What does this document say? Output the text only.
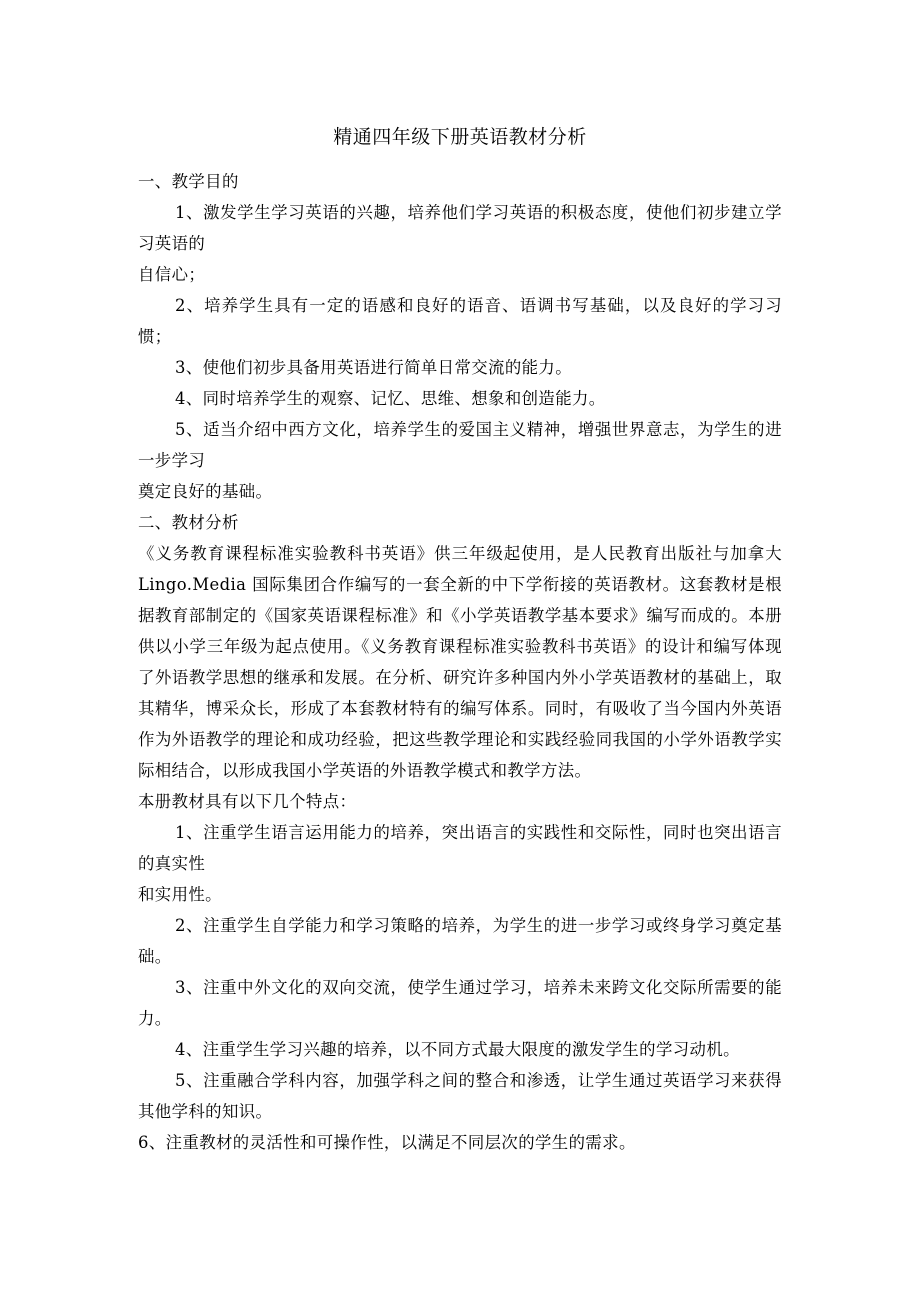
精通四年级下册英语教材分析

一、教学目的

1、激发学生学习英语的兴趣，培养他们学习英语的积极态度，使他们初步建立学习英语的

自信心；

2、培养学生具有一定的语感和良好的语音、语调书写基础，以及良好的学习习惯；

3、使他们初步具备用英语进行简单日常交流的能力。

4、同时培养学生的观察、记忆、思维、想象和创造能力。

5、适当介绍中西方文化，培养学生的爱国主义精神，增强世界意志，为学生的进一步学习

奠定良好的基础。

二、教材分析

《义务教育课程标准实验教科书英语》供三年级起使用，是人民教育出版社与加拿大 Lingo.Media 国际集团合作编写的一套全新的中下学衔接的英语教材。这套教材是根据教育部制定的《国家英语课程标准》和《小学英语教学基本要求》编写而成的。本册供以小学三年级为起点使用。《义务教育课程标准实验教科书英语》的设计和编写体现了外语教学思想的继承和发展。在分析、研究许多种国内外小学英语教材的基础上，取其精华，博采众长，形成了本套教材特有的编写体系。同时，有吸收了当今国内外英语作为外语教学的理论和成功经验，把这些教学理论和实践经验同我国的小学外语教学实际相结合，以形成我国小学英语的外语教学模式和教学方法。

本册教材具有以下几个特点：

1、注重学生语言运用能力的培养，突出语言的实践性和交际性，同时也突出语言的真实性

和实用性。

2、注重学生自学能力和学习策略的培养，为学生的进一步学习或终身学习奠定基础。

3、注重中外文化的双向交流，使学生通过学习，培养未来跨文化交际所需要的能力。

4、注重学生学习兴趣的培养，以不同方式最大限度的激发学生的学习动机。

5、注重融合学科内容，加强学科之间的整合和渗透，让学生通过英语学习来获得其他学科的知识。

6、注重教材的灵活性和可操作性，以满足不同层次的学生的需求。
